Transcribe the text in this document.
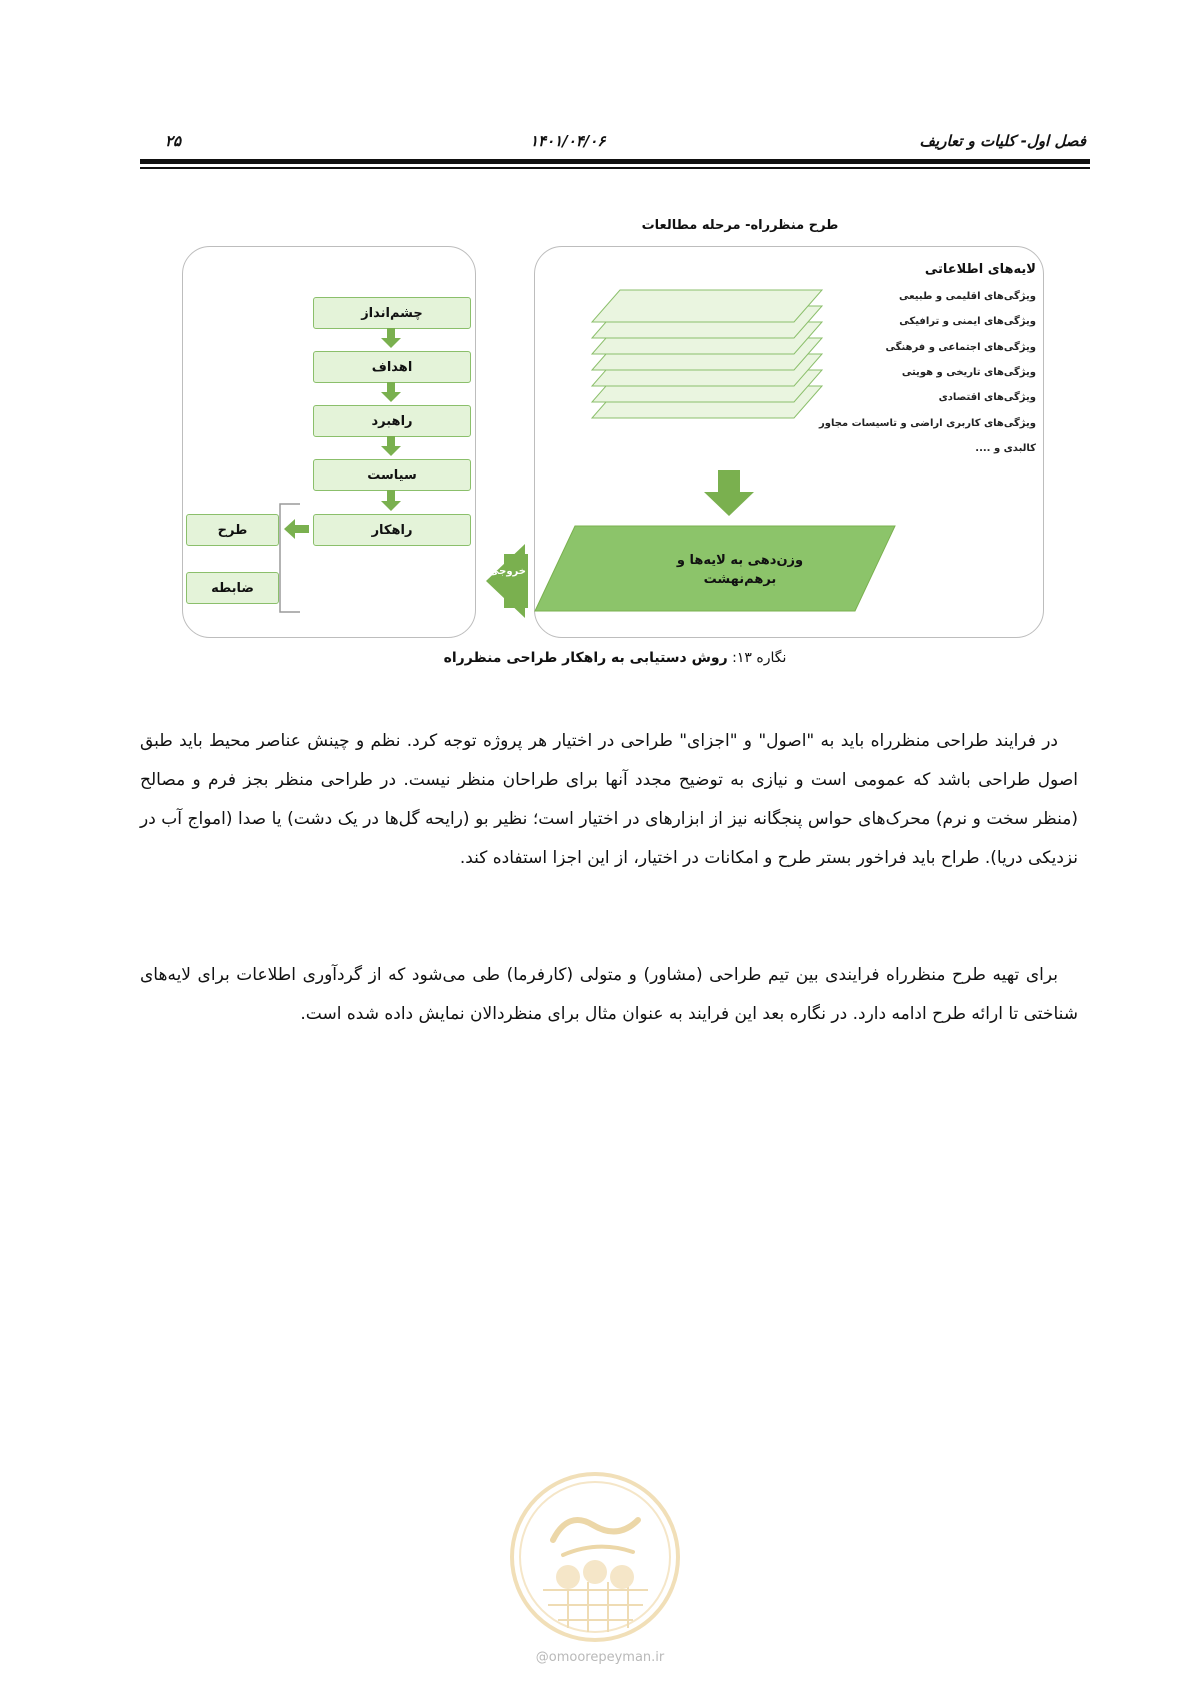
فصل اول- کلیات و تعاریف
۱۴۰۱/۰۴/۰۶
۲۵
طرح منظرراه- مرحله مطالعات
چشم‌انداز
اهداف
راهبرد
سیاست
راهکار
طرح
ضابطه
لایه‌های اطلاعاتی
ویژگی‌های اقلیمی و طبیعی
ویژگی‌های ایمنی و ترافیکی
ویژگی‌های اجتماعی و فرهنگی
ویژگی‌های تاریخی و هویتی
ویژگی‌های اقتصادی
ویژگی‌های کاربری اراضی و تاسیسات مجاور
کالبدی و ....
وزن‌دهی به لایه‌ها و
برهم‌نهشت
خروجی
نگاره ۱۳: روش دستیابی به راهکار طراحی منظرراه
در فرایند طراحی منظرراه باید به "اصول" و "اجزای" طراحی در اختیار هر پروژه توجه کرد. نظم و چینش عناصر محیط باید طبق اصول طراحی باشد که عمومی است و نیازی به توضیح مجدد آنها برای طراحان منظر نیست. در طراحی منظر بجز فرم و مصالح (منظر سخت و نرم) محرک‌های حواس پنجگانه نیز از ابزارهای در اختیار است؛ نظیر بو (رایحه گل‌ها در یک دشت) یا صدا (امواج آب در نزدیکی دریا). طراح باید فراخور بستر طرح و امکانات در اختیار، از این اجزا استفاده کند.
برای تهیه طرح منظرراه فرایندی بین تیم طراحی (مشاور) و متولی (کارفرما) طی می‌شود که از گردآوری اطلاعات برای لایه‌های شناختی تا ارائه طرح ادامه دارد. در نگاره بعد این فرایند به عنوان مثال برای منظردالان نمایش داده شده است.
@omoorepeyman.ir
